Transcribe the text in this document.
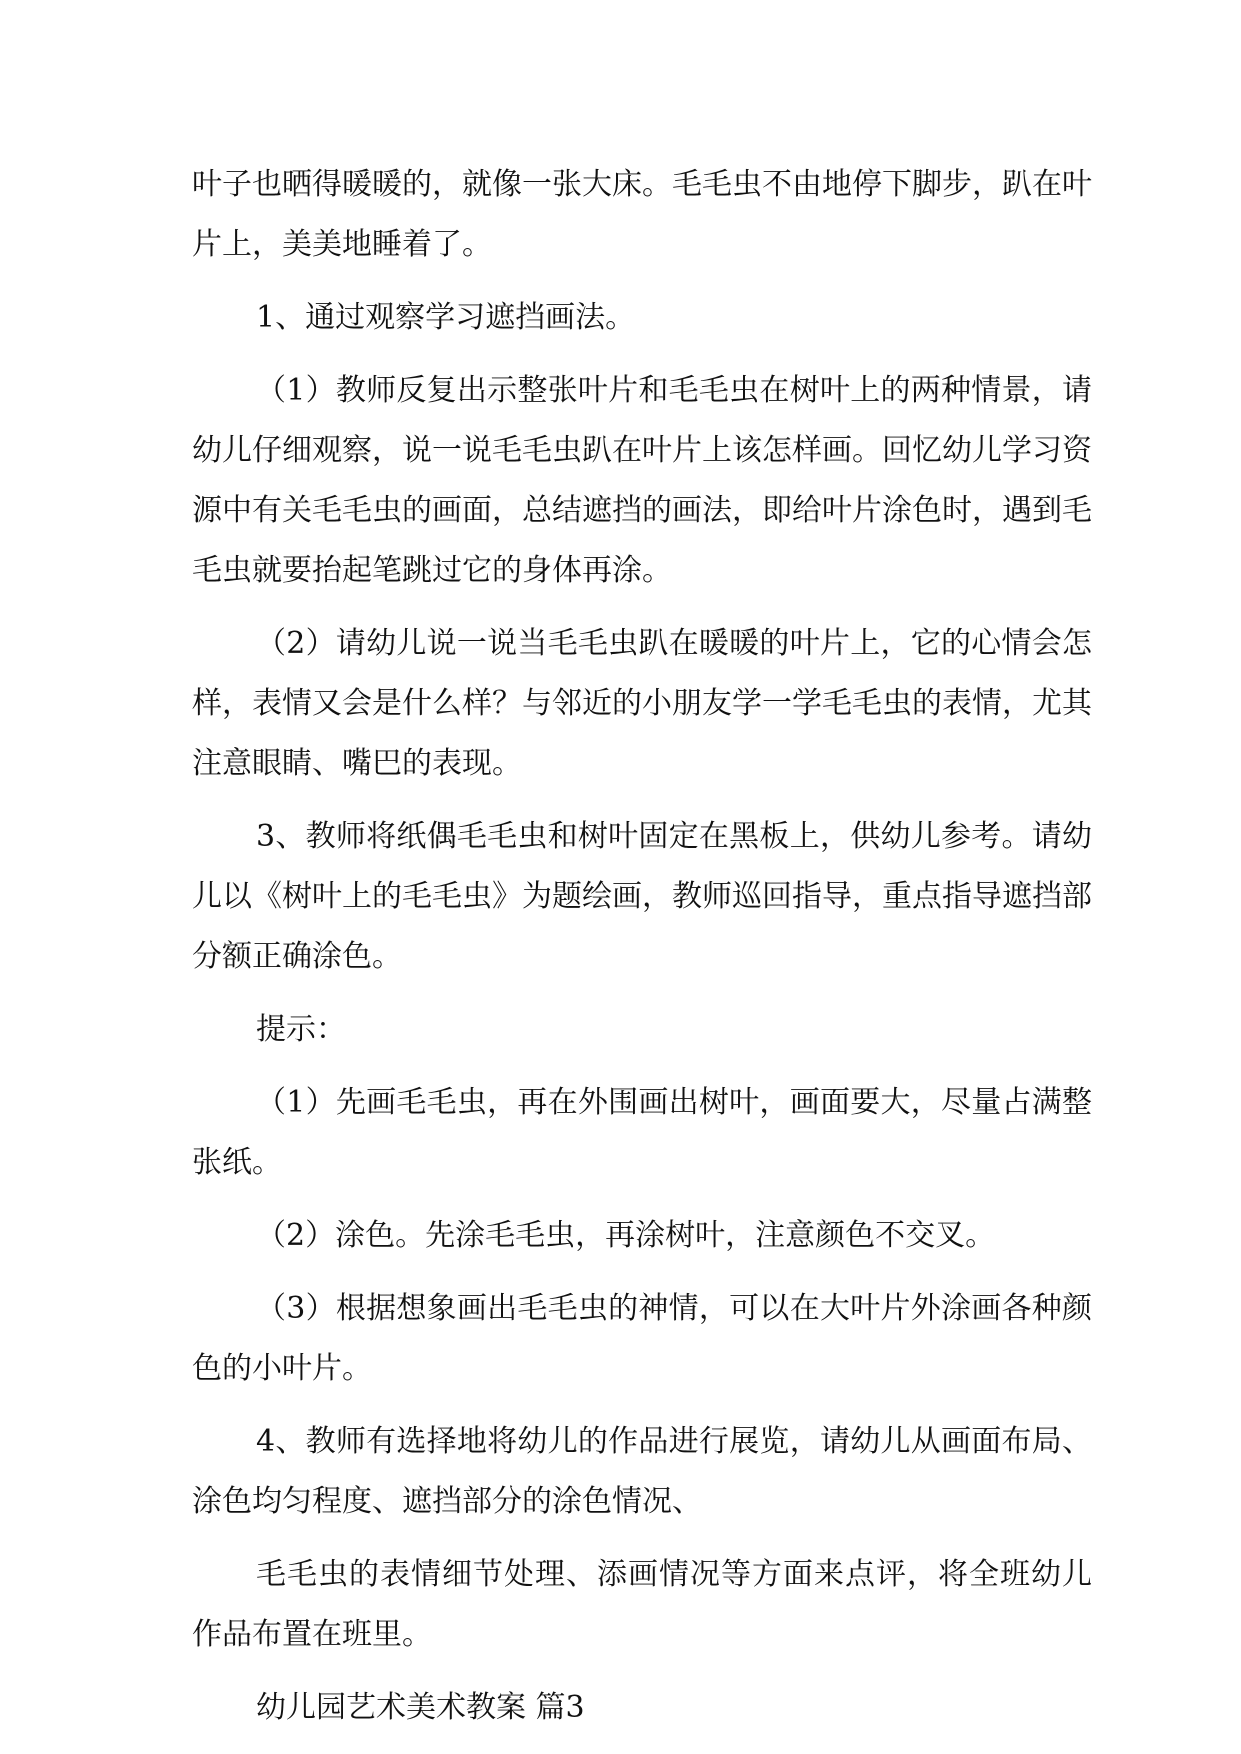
叶子也晒得暖暖的，就像一张大床。毛毛虫不由地停下脚步，趴在叶片上，美美地睡着了。

1、通过观察学习遮挡画法。

（1）教师反复出示整张叶片和毛毛虫在树叶上的两种情景，请幼儿仔细观察，说一说毛毛虫趴在叶片上该怎样画。回忆幼儿学习资源中有关毛毛虫的画面，总结遮挡的画法，即给叶片涂色时，遇到毛毛虫就要抬起笔跳过它的身体再涂。

（2）请幼儿说一说当毛毛虫趴在暖暖的叶片上，它的心情会怎样，表情又会是什么样？与邻近的小朋友学一学毛毛虫的表情，尤其注意眼睛、嘴巴的表现。

3、教师将纸偶毛毛虫和树叶固定在黑板上，供幼儿参考。请幼儿以《树叶上的毛毛虫》为题绘画，教师巡回指导，重点指导遮挡部分额正确涂色。

提示：

（1）先画毛毛虫，再在外围画出树叶，画面要大，尽量占满整张纸。

（2）涂色。先涂毛毛虫，再涂树叶，注意颜色不交叉。

（3）根据想象画出毛毛虫的神情，可以在大叶片外涂画各种颜色的小叶片。

4、教师有选择地将幼儿的作品进行展览，请幼儿从画面布局、涂色均匀程度、遮挡部分的涂色情况、

毛毛虫的表情细节处理、添画情况等方面来点评，将全班幼儿作品布置在班里。

幼儿园艺术美术教案 篇3
